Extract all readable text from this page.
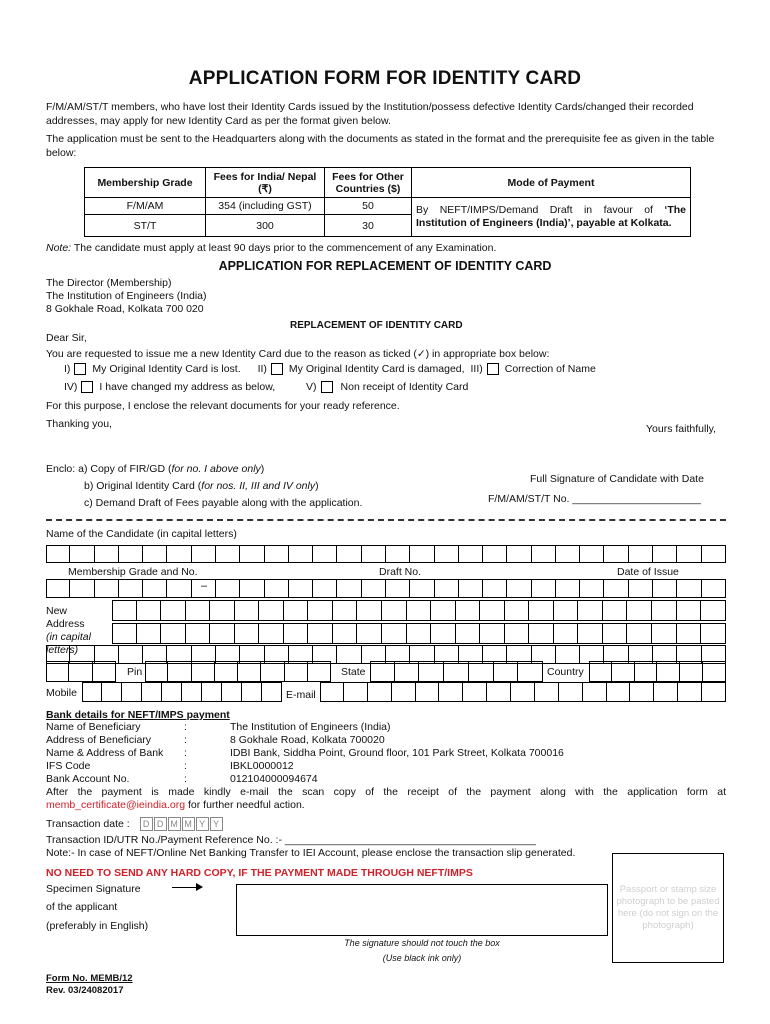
APPLICATION FORM FOR IDENTITY CARD
F/M/AM/ST/T members, who have lost their Identity Cards issued by the Institution/possess defective Identity Cards/changed their recorded addresses, may apply for new Identity Card as per the format given below.
The application must be sent to the Headquarters along with the documents as stated in the format and the prerequisite fee as given in the table below:
Membership Grade	Fees for India/ Nepal (₹)	Fees for Other Countries ($)	Mode of Payment
F/M/AM	354 (including GST)	50	By NEFT/IMPS/Demand Draft in favour of ‘The Institution of Engineers (India)’, payable at Kolkata.
ST/T	300	30	
Note: The candidate must apply at least 90 days prior to the commencement of any Examination.
APPLICATION FOR REPLACEMENT OF IDENTITY CARD
The Director (Membership)
The Institution of Engineers (India)
8 Gokhale Road, Kolkata 700 020
REPLACEMENT OF IDENTITY CARD
Dear Sir,
You are requested to issue me a new Identity Card due to the reason as ticked (✓) in appropriate box below:
I) My Original Identity Card is lost. II) My Original Identity Card is damaged, III) Correction of Name
IV) I have changed my address as below,	V) Non receipt of Identity Card
For this purpose, I enclose the relevant documents for your ready reference.
Thanking you,	Yours faithfully,
Enclo: a) Copy of FIR/GD (for no. I above only)
b) Original Identity Card (for nos. II, III and IV only)
c) Demand Draft of Fees payable along with the application.
Full Signature of Candidate with Date
F/M/AM/ST/T No. ______________________
Name of the Candidate (in capital letters)
Membership Grade and No.	Draft No.	Date of Issue
–
New Address
(in capital letters)
Pin	State	Country
Mobile	E-mail
Bank details for NEFT/IMPS payment
Name of Beneficiary	:	The Institution of Engineers (India)
Address of Beneficiary	:	8 Gokhale Road, Kolkata 700020
Name & Address of Bank	:	IDBI Bank, Siddha Point, Ground floor, 101 Park Street, Kolkata 700016
IFS Code	:	IBKL0000012
Bank Account No.	:	012104000094674
After the payment is made kindly e-mail the scan copy of the receipt of the payment along with the application form at memb_certificate@ieindia.org for further needful action.
Transaction date :	D D M M Y Y
Transaction ID/UTR No./Payment Reference No. :- ___________________________________________
Note:- In case of NEFT/Online Net Banking Transfer to IEI Account, please enclose the transaction slip generated.
NO NEED TO SEND ANY HARD COPY, IF THE PAYMENT MADE THROUGH NEFT/IMPS
Specimen Signature
of the applicant
(preferably in English)
The signature should not touch the box
(Use black ink only)
Passport or stamp size photograph to be pasted here (do not sign on the photograph)
Form No. MEMB/12
Rev. 03/24082017
